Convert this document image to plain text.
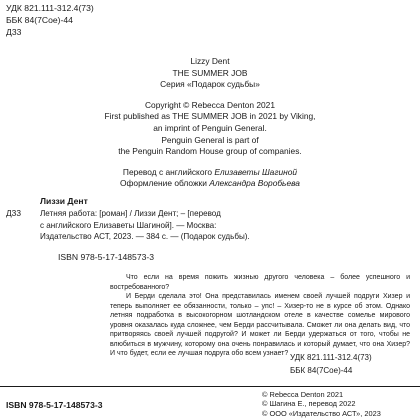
УДК 821.111-312.4(73)
ББК 84(7Сое)-44
Д33

Lizzy Dent

THE SUMMER JOB

Серия «Подарок судьбы»

Copyright © Rebecca Denton 2021

First published as THE SUMMER JOB in 2021 by Viking,

an imprint of Penguin General.

Penguin General is part of

the Penguin Random House group of companies.

Перевод с английского Елизаветы Шагиной

Оформление обложки Александра Воробьева

Лиззи Дент
Д33 Летняя работа: [роман] / Лиззи Дент; – [перевод
с английского Елизаветы Шагиной]. — Москва:
Издательство АСТ, 2023. — 384 с. — (Подарок судьбы).
ISBN 978-5-17-148573-3

Что если на время пожить жизнью другого человека – более успешного и востребованного?

И Берди сделала это! Она представилась именем своей лучшей подруги Хизер и теперь выполняет ее обязанности, только – упс! – Хизер-то не в курсе об этом. Однако летняя подработка в высокогорном шотландском отеле в качестве сомелье мирового уровня оказалась куда сложнее, чем Берди рассчитывала. Сможет ли она делать вид, что притворяясь своей лучшей подругой? И может ли Берди удержаться от того, чтобы не влюбиться в мужчину, которому она очень понравилась и который думает, что она Хизер? И что будет, если ее лучшая подруга обо всем узнает? УДК 821.111-312.4(73)
ББК 84(7Сое)-44
ISBN 978-5-17-148573-3
© Rebecca Denton 2021
© Шагина Е., перевод 2022
© ООО «Издательство АСТ», 2023
